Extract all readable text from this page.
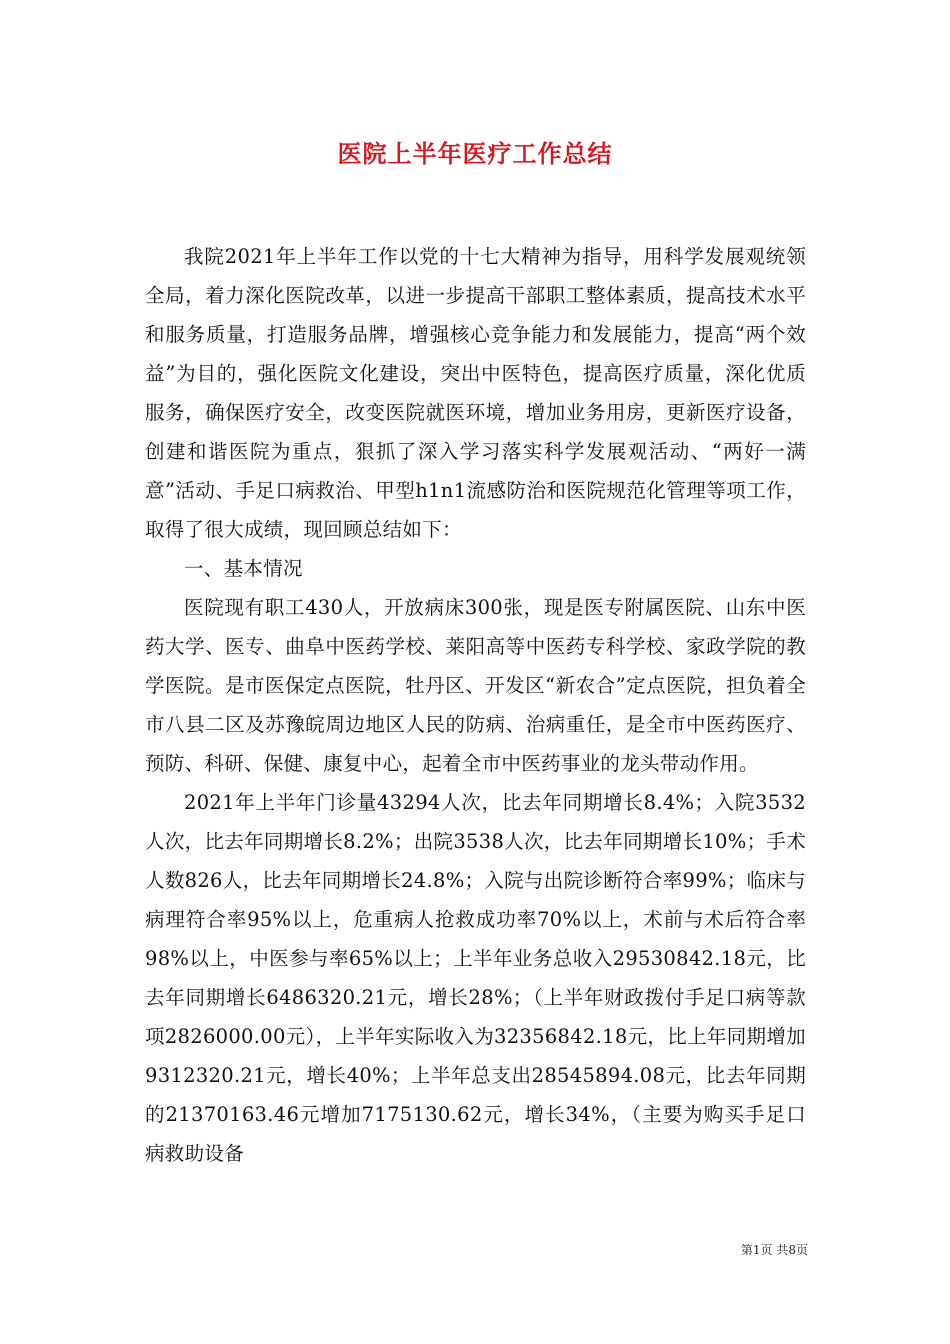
医院上半年医疗工作总结

我院2021年上半年工作以党的十七大精神为指导，用科学发展观统领全局，着力深化医院改革，以进一步提高干部职工整体素质，提高技术水平和服务质量，打造服务品牌，增强核心竞争能力和发展能力，提高“两个效益”为目的，强化医院文化建设，突出中医特色，提高医疗质量，深化优质服务，确保医疗安全，改变医院就医环境，增加业务用房，更新医疗设备，创建和谐医院为重点，狠抓了深入学习落实科学发展观活动、“两好一满意”活动、手足口病救治、甲型h1n1流感防治和医院规范化管理等项工作，取得了很大成绩，现回顾总结如下：

一、基本情况

医院现有职工430人，开放病床300张，现是医专附属医院、山东中医药大学、医专、曲阜中医药学校、莱阳高等中医药专科学校、家政学院的教学医院。是市医保定点医院，牡丹区、开发区“新农合”定点医院，担负着全市八县二区及苏豫皖周边地区人民的防病、治病重任，是全市中医药医疗、预防、科研、保健、康复中心，起着全市中医药事业的龙头带动作用。

2021年上半年门诊量43294人次，比去年同期增长8.4%；入院3532人次，比去年同期增长8.2%；出院3538人次，比去年同期增长10%；手术人数826人，比去年同期增长24.8%；入院与出院诊断符合率99%；临床与病理符合率95%以上，危重病人抢救成功率70%以上，术前与术后符合率98%以上，中医参与率65%以上；上半年业务总收入29530842.18元，比去年同期增长6486320.21元，增长28%；（上半年财政拨付手足口病等款项2826000.00元），上半年实际收入为32356842.18元，比上年同期增加9312320.21元，增长40%；上半年总支出28545894.08元，比去年同期的21370163.46元增加7175130.62元，增长34%，（主要为购买手足口病救助设备

第1页 共8页
